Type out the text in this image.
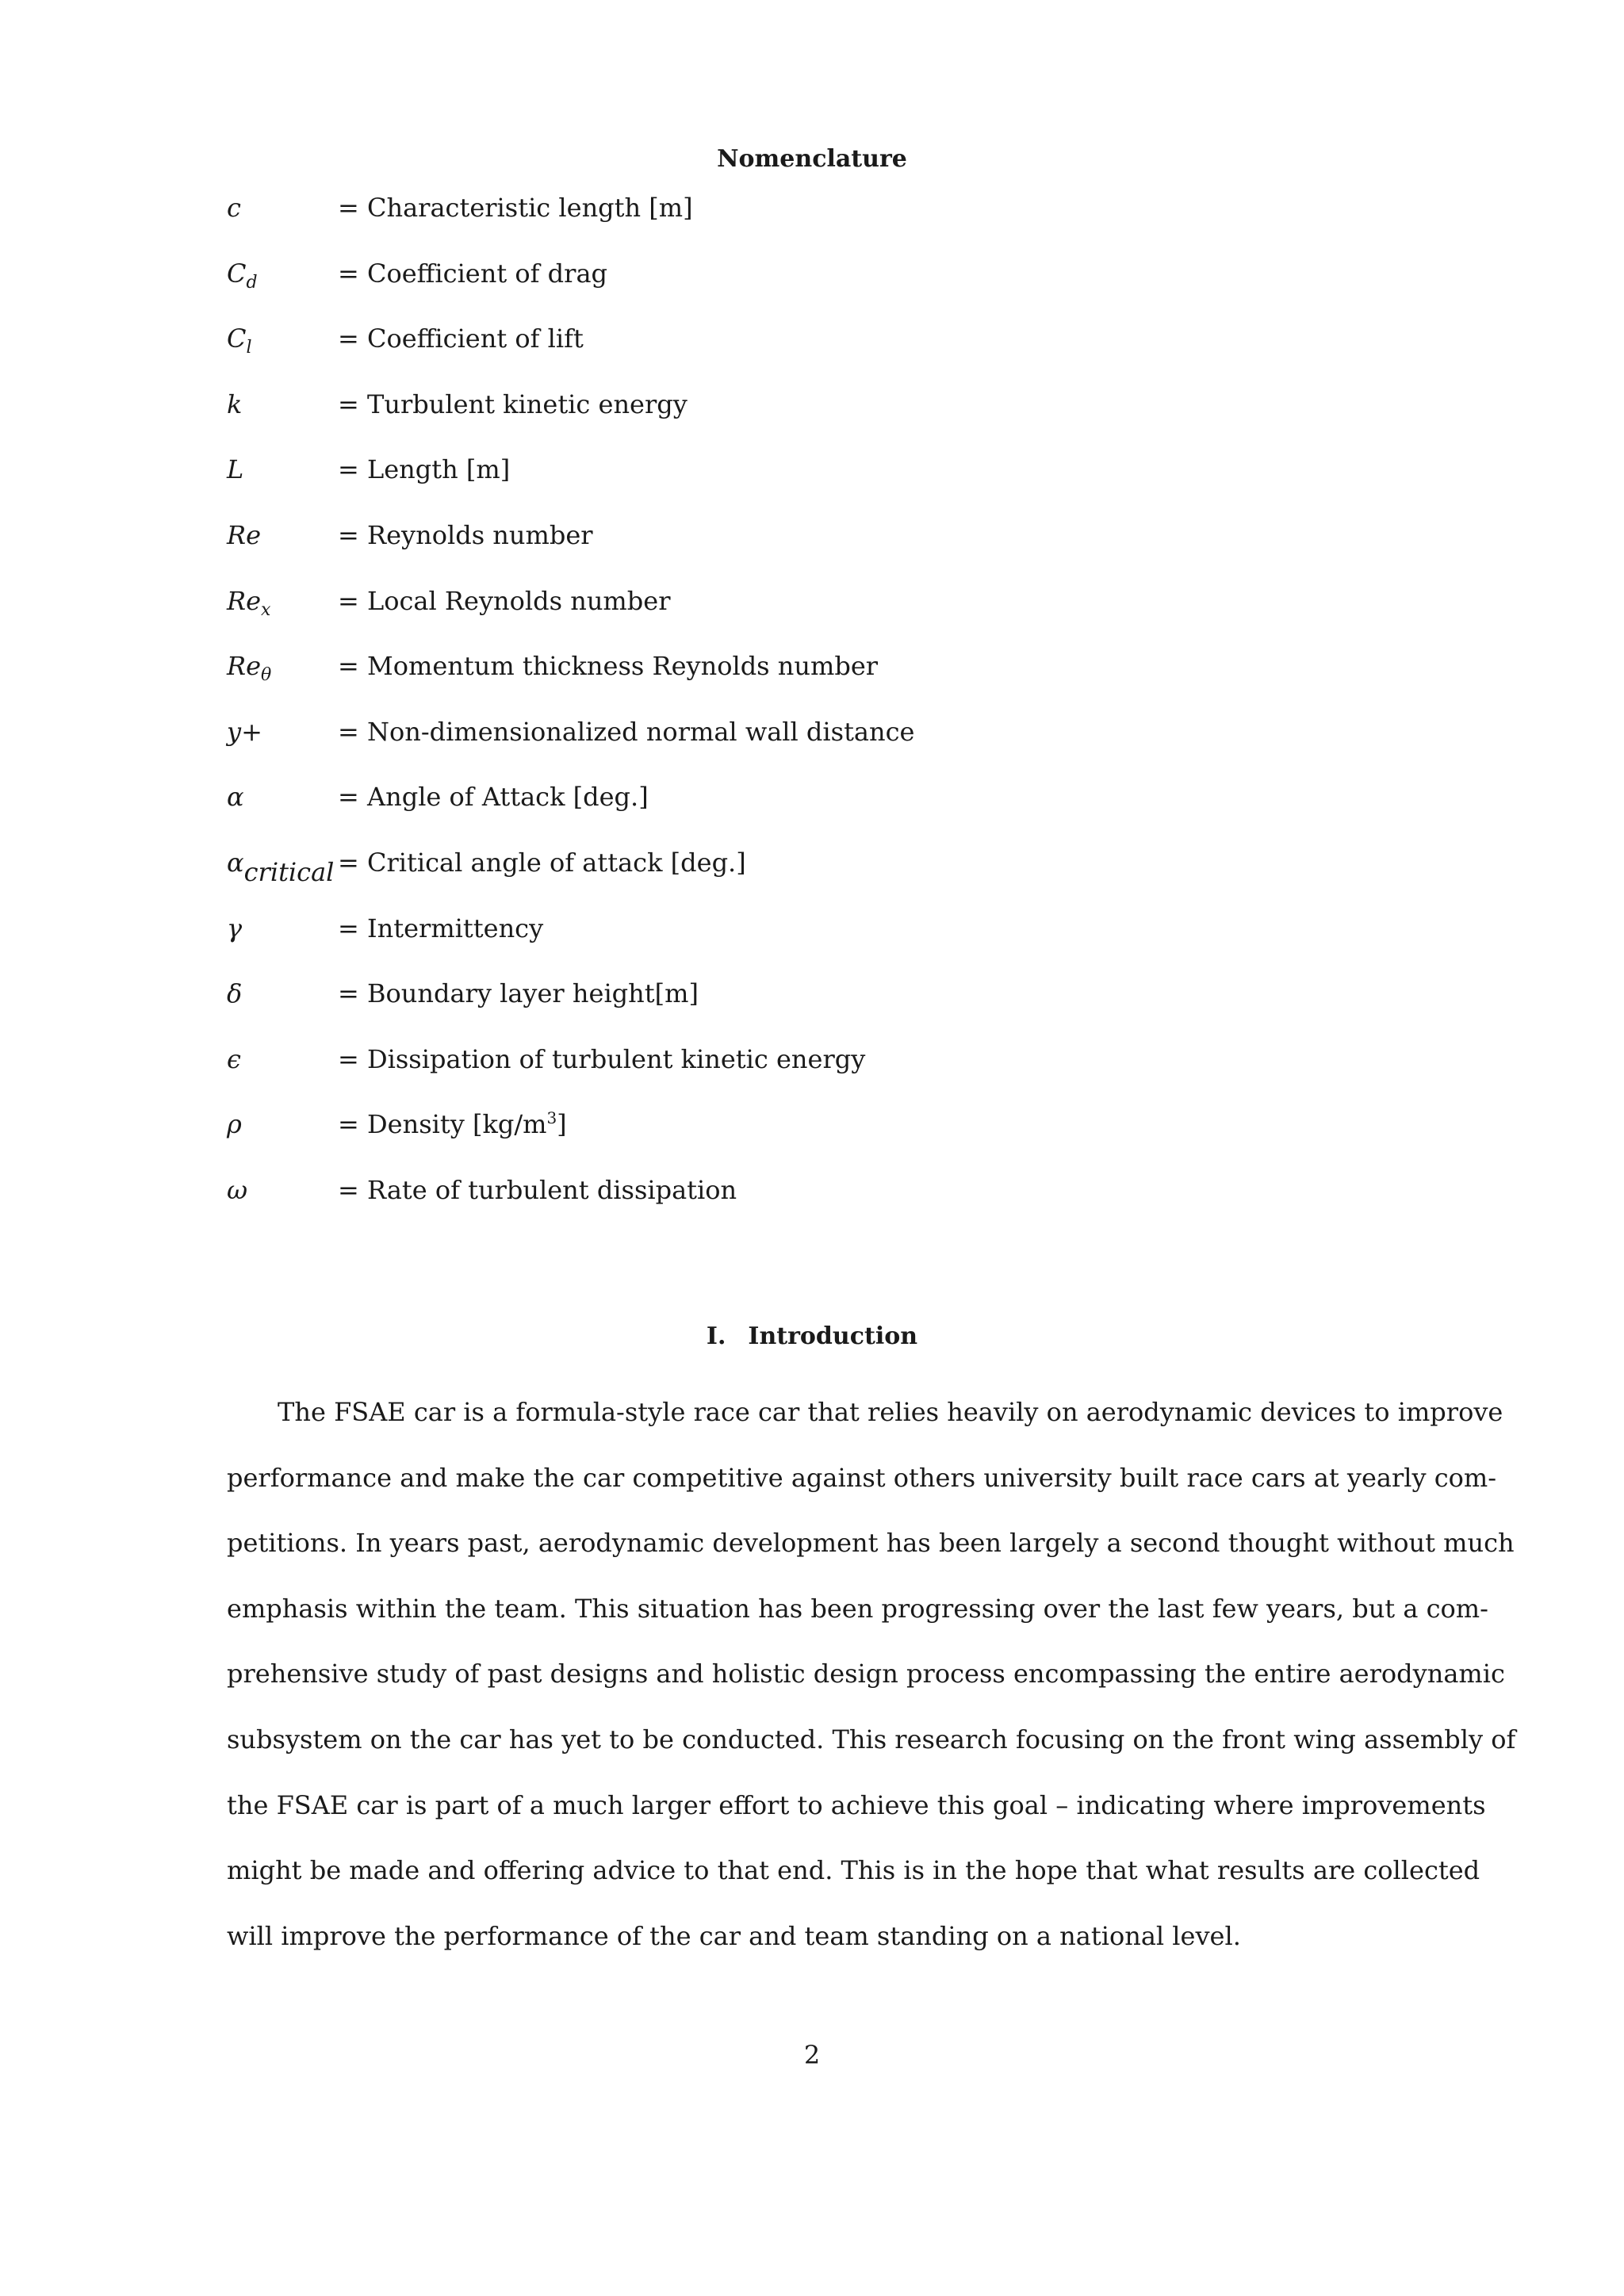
Nomenclature
c	= Characteristic length [m]
$C_d$	= Coefficient of drag
$C_l$	= Coefficient of lift
k	= Turbulent kinetic energy
L	= Length [m]
Re	= Reynolds number
$Re_x$	= Local Reynolds number
$Re_\theta$	= Momentum thickness Reynolds number
y+	= Non-dimensionalized normal wall distance
α	= Angle of Attack [deg.]
$\alpha_{critical}$ = Critical angle of attack [deg.]
γ	= Intermittency
δ	= Boundary layer height[m]
ϵ	= Dissipation of turbulent kinetic energy
ρ	= Density $[kg/m^3]$
ω	= Rate of turbulent dissipation
I. Introduction
The FSAE car is a formula-style race car that relies heavily on aerodynamic devices to improve
performance and make the car competitive against others university built race cars at yearly com-
petitions. In years past, aerodynamic development has been largely a second thought without much
emphasis within the team. This situation has been progressing over the last few years, but a com-
prehensive study of past designs and holistic design process encompassing the entire aerodynamic
subsystem on the car has yet to be conducted. This research focusing on the front wing assembly of
the FSAE car is part of a much larger effort to achieve this goal – indicating where improvements
might be made and offering advice to that end. This is in the hope that what results are collected
will improve the performance of the car and team standing on a national level.
2
